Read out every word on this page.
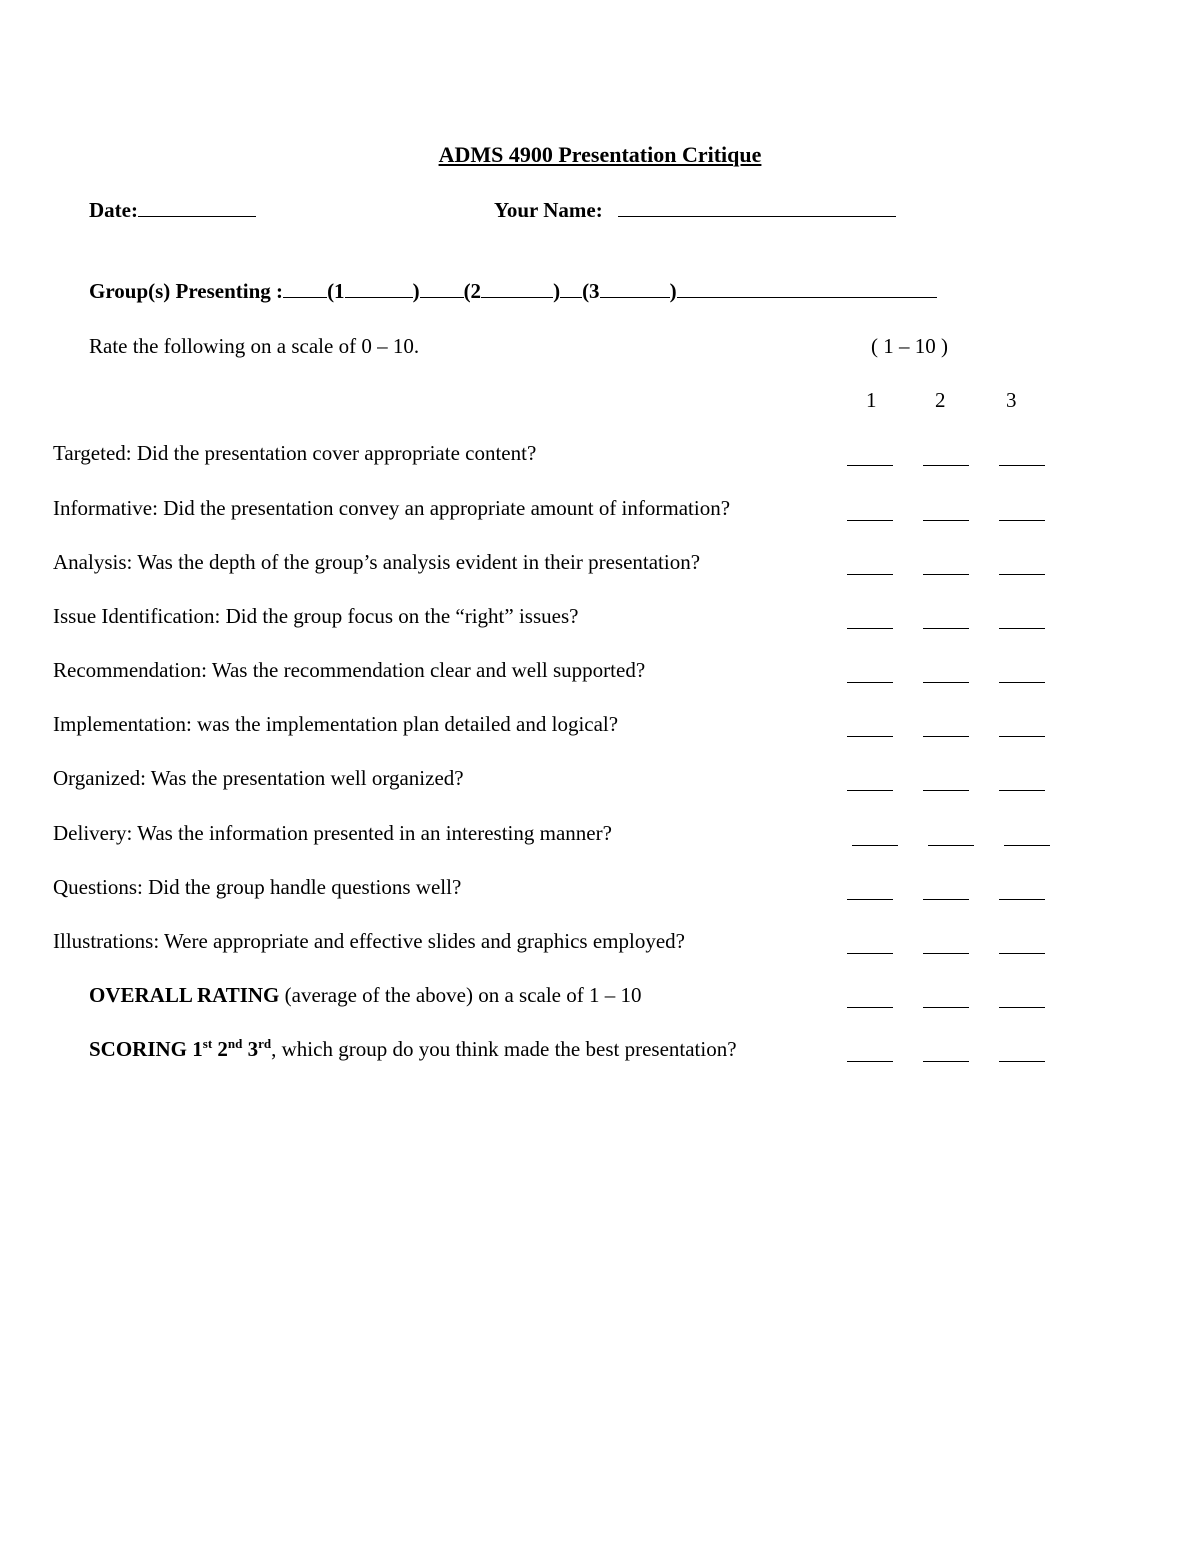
ADMS 4900 Presentation Critique
Date:	Your Name:
Group(s) Presenting : (1	) (2	) (3	)
Rate the following on a scale of 0 – 10.	( 1 – 10 )
1	2	3
Targeted: Did the presentation cover appropriate content?
Informative: Did the presentation convey an appropriate amount of information?
Analysis: Was the depth of the group’s analysis evident in their presentation?
Issue Identification: Did the group focus on the “right” issues?
Recommendation: Was the recommendation clear and well supported?
Implementation: was the implementation plan detailed and logical?
Organized: Was the presentation well organized?
Delivery: Was the information presented in an interesting manner?
Questions: Did the group handle questions well?
Illustrations: Were appropriate and effective slides and graphics employed?
OVERALL RATING (average of the above) on a scale of 1 – 10
SCORING 1st 2nd 3rd, which group do you think made the best presentation?
